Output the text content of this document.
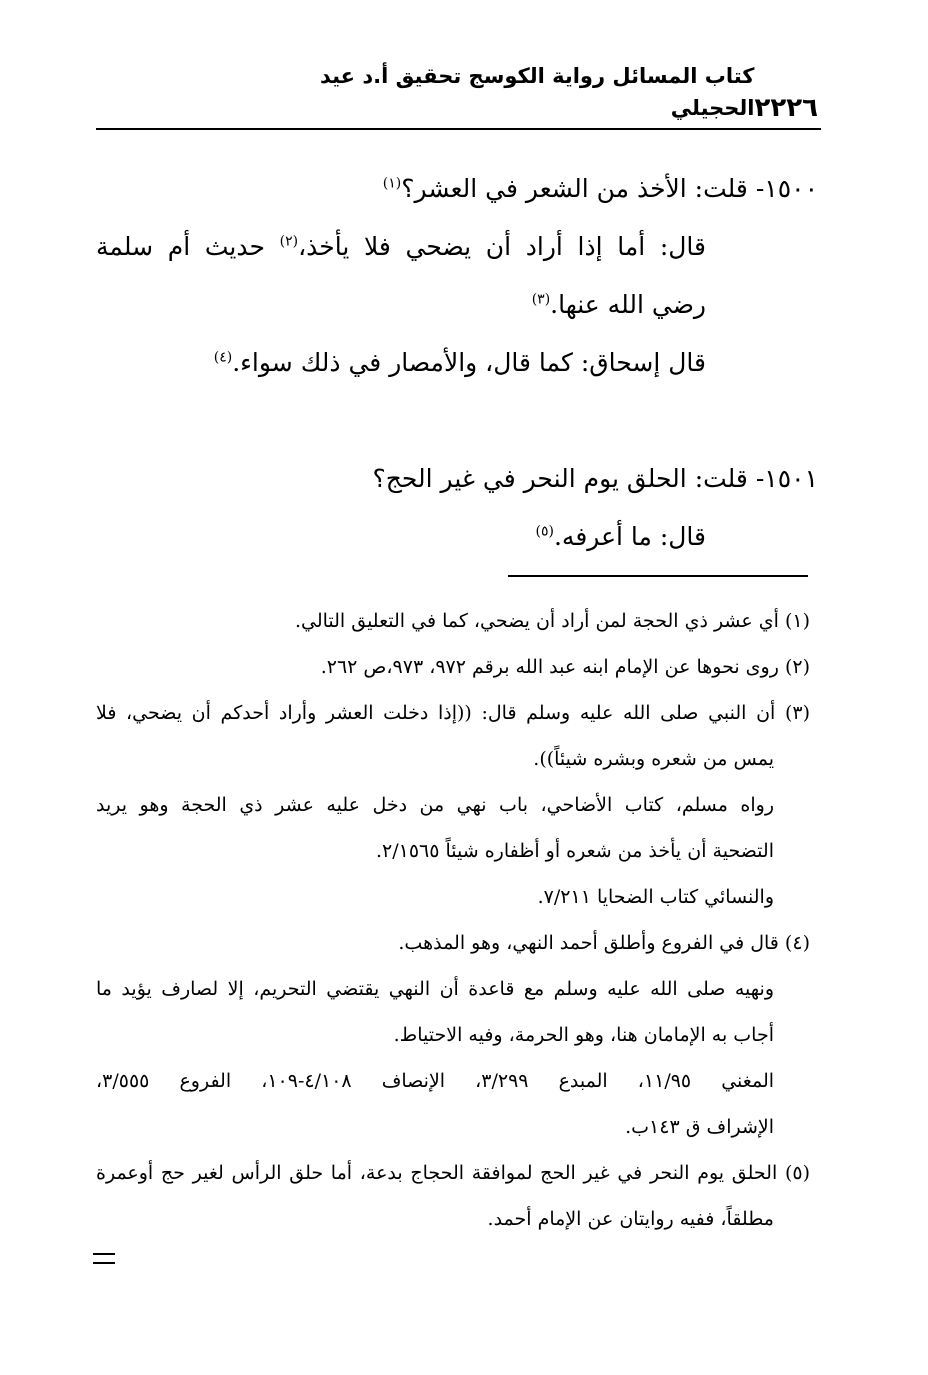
٢٢٢٦
كتاب المسائل رواية الكوسج تحقيق أ.د عيد الحجيلي
١٥٠٠- قلت: الأخذ من الشعر في العشر؟$^{(١)}$
قال: أما إذا أراد أن يضحي فلا يأخذ،$^{(٢)}$ حديث أم سلمة
رضي الله عنها.$^{(٣)}$
قال إسحاق: كما قال، والأمصار في ذلك سواء.$^{(٤)}$
١٥٠١- قلت: الحلق يوم النحر في غير الحج؟
قال: ما أعرفه.$^{(٥)}$
(١) أي عشر ذي الحجة لمن أراد أن يضحي، كما في التعليق التالي.
(٢) روى نحوها عن الإمام ابنه عبد الله برقم ٩٧٢، ٩٧٣،ص ٢٦٢.
(٣) أن النبي صلى الله عليه وسلم قال: ((إذا دخلت العشر وأراد أحدكم أن يضحي، فلا
يمس من شعره وبشره شيئاً)).
رواه مسلم، كتاب الأضاحي، باب نهي من دخل عليه عشر ذي الحجة وهو يريد
التضحية أن يأخذ من شعره أو أظفاره شيئاً ٢/١٥٦٥.
والنسائي كتاب الضحايا ٧/٢١١.
(٤) قال في الفروع وأطلق أحمد النهي، وهو المذهب.
ونهيه صلى الله عليه وسلم مع قاعدة أن النهي يقتضي التحريم، إلا لصارف يؤيد ما
أجاب به الإمامان هنا، وهو الحرمة، وفيه الاحتياط.
المغني ١١/٩٥، المبدع ٣/٢٩٩، الإنصاف ٤/١٠٨-١٠٩، الفروع ٣/٥٥٥،
الإشراف ق ١٤٣ب.
(٥) الحلق يوم النحر في غير الحج لموافقة الحجاج بدعة، أما حلق الرأس لغير حج أوعمرة
مطلقاً، ففيه روايتان عن الإمام أحمد.
